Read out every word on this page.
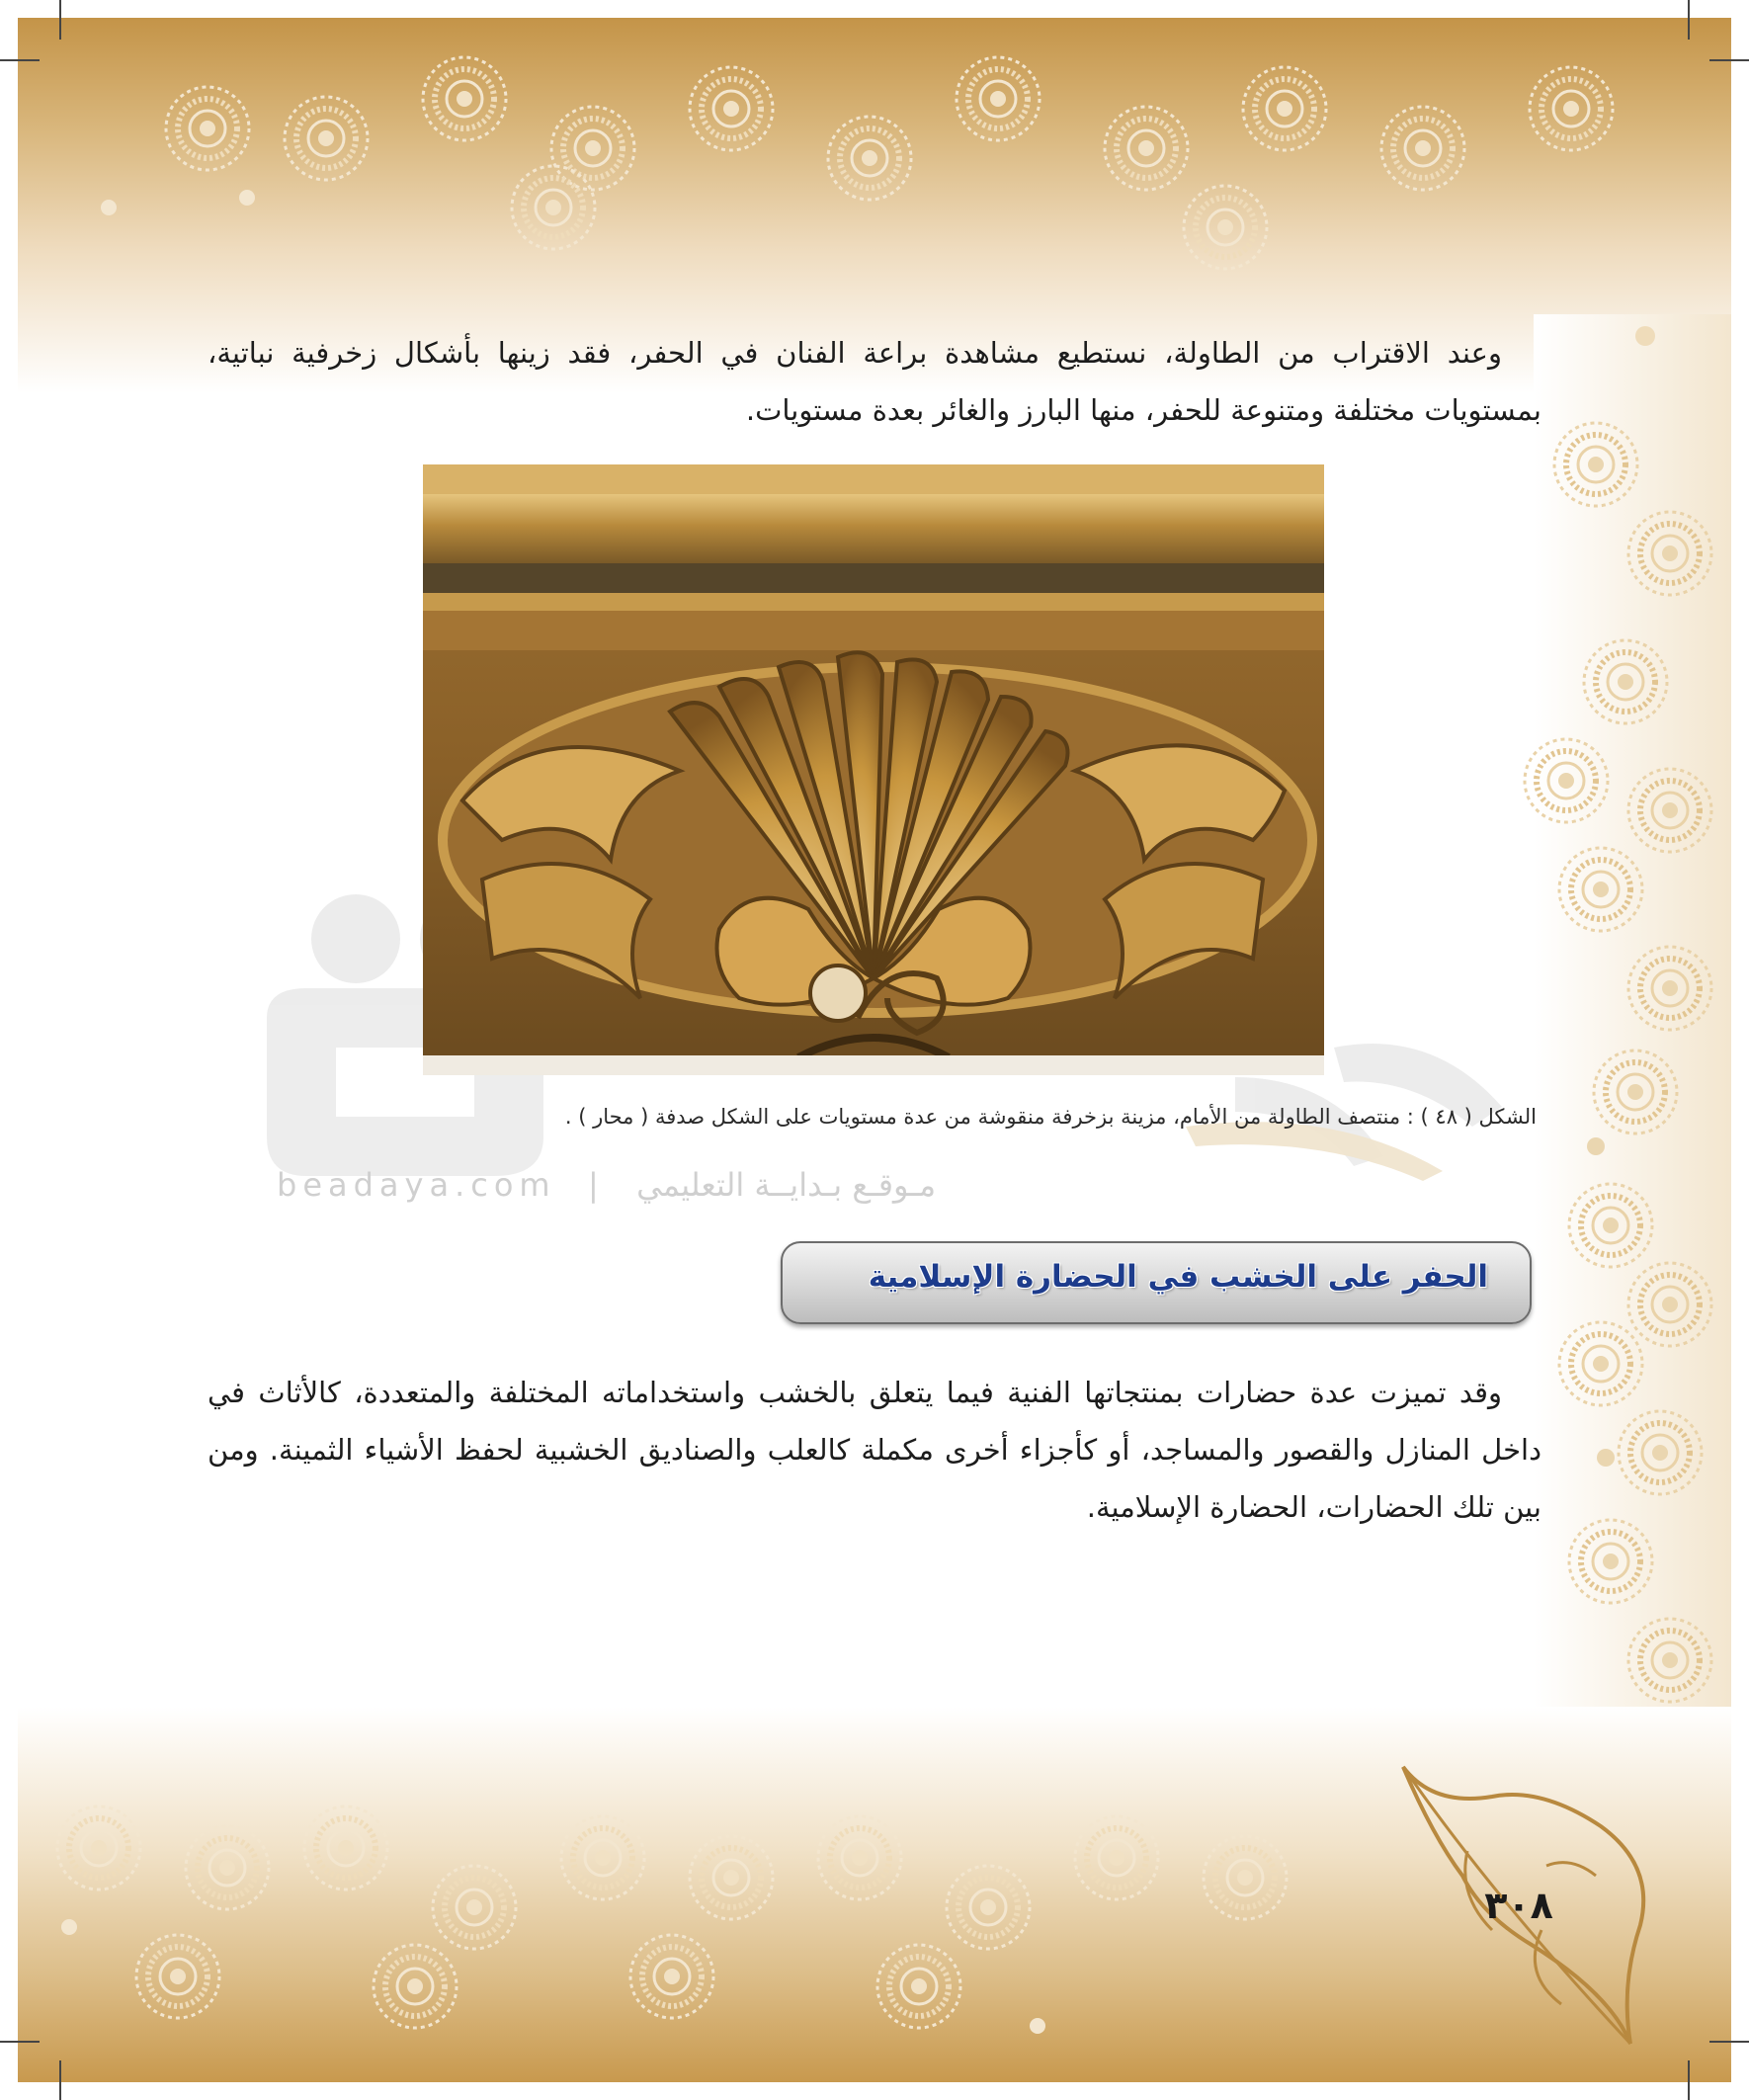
beadaya.com  |  مـوقـع بـدايــة التعليمي
وعند الاقتراب من الطاولة، نستطيع مشاهدة براعة الفنان في الحفر، فقد زينها بأشكال زخرفية نباتية، بمستويات مختلفة ومتنوعة للحفر، منها البارز والغائر بعدة مستويات.
الشكل ( ٤٨ ) : منتصف الطاولة من الأمام، مزينة بزخرفة منقوشة من عدة مستويات على الشكل صدفة ( محار ) .
الحفر على الخشب في الحضارة الإسلامية
وقد تميزت عدة حضارات بمنتجاتها الفنية فيما يتعلق بالخشب واستخداماته المختلفة والمتعددة، كالأثاث في داخل المنازل والقصور والمساجد، أو كأجزاء أخرى مكملة كالعلب والصناديق الخشبية لحفظ الأشياء الثمينة. ومن بين تلك الحضارات، الحضارة الإسلامية.
٣٠٨
